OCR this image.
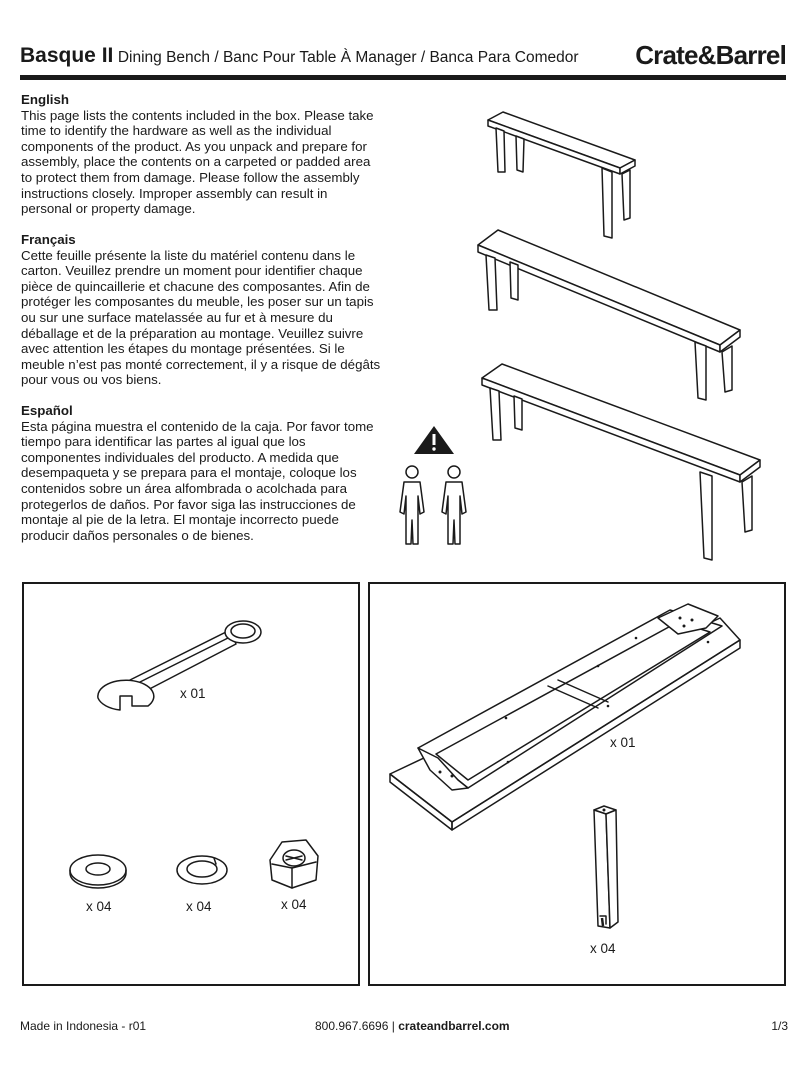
Basque II Dining Bench / Banc Pour Table À Manager / Banca Para Comedor Crate&Barrel
English

This page lists the contents included in the box. Please take time to identify the hardware as well as the individual components of the product. As you unpack and prepare for assembly, place the contents on a carpeted or padded area to protect them from damage. Please follow the assembly instructions closely. Improper assembly can result in personal or property damage.

Français

Cette feuille présente la liste du matériel contenu dans le carton. Veuillez prendre un moment pour identifier chaque pièce de quincaillerie et chacune des composantes. Afin de protéger les composantes du meuble, les poser sur un tapis ou sur une surface matelassée au fur et à mesure du déballage et de la préparation au montage. Veuillez suivre avec attention les étapes du montage présentées. Si le meuble n’est pas monté correctement, il y a risque de dégâts pour vous ou vos biens.

Español

Esta página muestra el contenido de la caja. Por favor tome tiempo para identificar las partes al igual que los componentes individuales del producto. A medida que desempaqueta y se prepara para el montaje, coloque los contenidos sobre un área alfombrada o acolchada para protegerlos de daños. Por favor siga las instrucciones de montaje al pie de la letra. El montaje incorrecto puede producir daños personales o de bienes.

x 01
x 04	x 04	x 04
x 01
x 04
Made in Indonesia - r01	800.967.6696 | crateandbarrel.com	1/3
